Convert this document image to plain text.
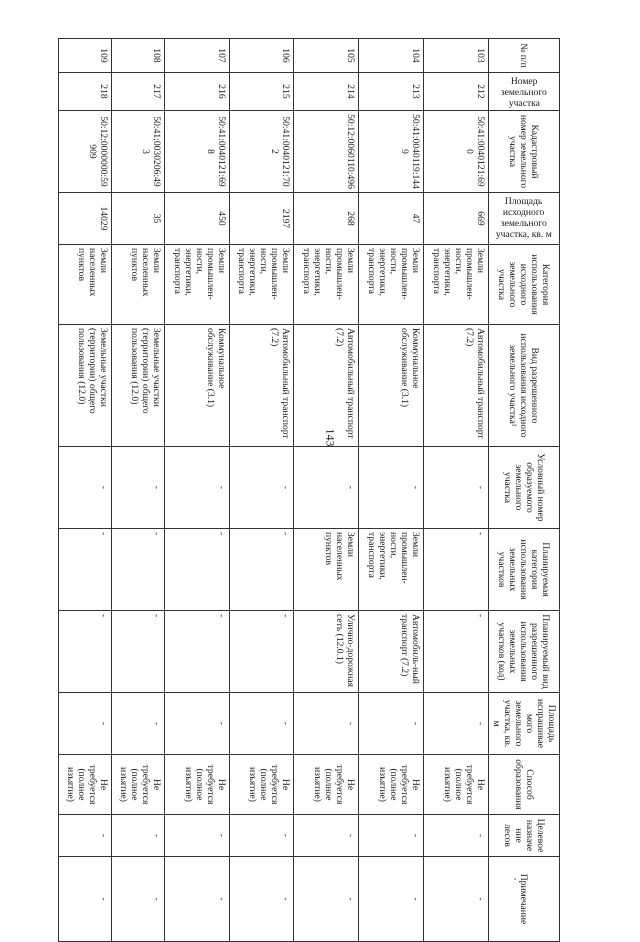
143
№ п/п	Номер земельного участка	Кадастровый номер земельного участка	Площадь исходного земельного участка, кв. м	Категория использования исходного земельного участка	Вид разрешенного использования исходного земельного участка¹	Условный номер образуемого земельного участка	Планируемая категория использования земельных участков	Планируемый вид разрешенного использования земельных участков (код)	Площадь испрашиваемого земельного участка, кв. м	Способ образования	Целевое назначение лесов	Примечание
103	212	50:41:0040121:690	669	Земли промышлен-ности, энергетики, транспорта	Автомобильный транспорт (7.2)	-	-	-	-	Не требуется (полное изъятие)	-	-
104	213	50:41:0040119:1449	47	Земли промышлен-ности, энергетики, транспорта	Коммунальное обслуживание (3.1)	-	Земли промышлен-ности, энергетики, транспорта	Автомобиль-ный транспорт (7.2)	-	Не требуется (полное изъятие)	-	-
105	214	50:12:0060110:496	268	Земли промышлен-ности, энергетики, транспорта	Автомобильный транспорт (7.2)	-	Земли населенных пунктов	Улично-дорожная сеть (12.0.1)	-	Не требуется (полное изъятие)	-	-
106	215	50:41:0040121:702	2197	Земли промышлен-ности, энергетики, транспорта	Автомобильный транспорт (7.2)	-	-	-	-	Не требуется (полное изъятие)	-	-
107	216	50:41:0040121:698	450	Земли промышлен-ности, энергетики, транспорта	Коммунальное обслуживание (3.1)	-	-	-	-	Не требуется (полное изъятие)	-	-
108	217	50:41:0030206:493	35	Земли населенных пунктов	Земельные участки (территории) общего пользования (12.0)	-	-	-	-	Не требуется (полное изъятие)	-	-
109	218	50:12:0000000:59909	14029	Земли населенных пунктов	Земельные участки (территории) общего пользования (12.0)	-	-	-	-	Не требуется (полное изъятие)	-	-
